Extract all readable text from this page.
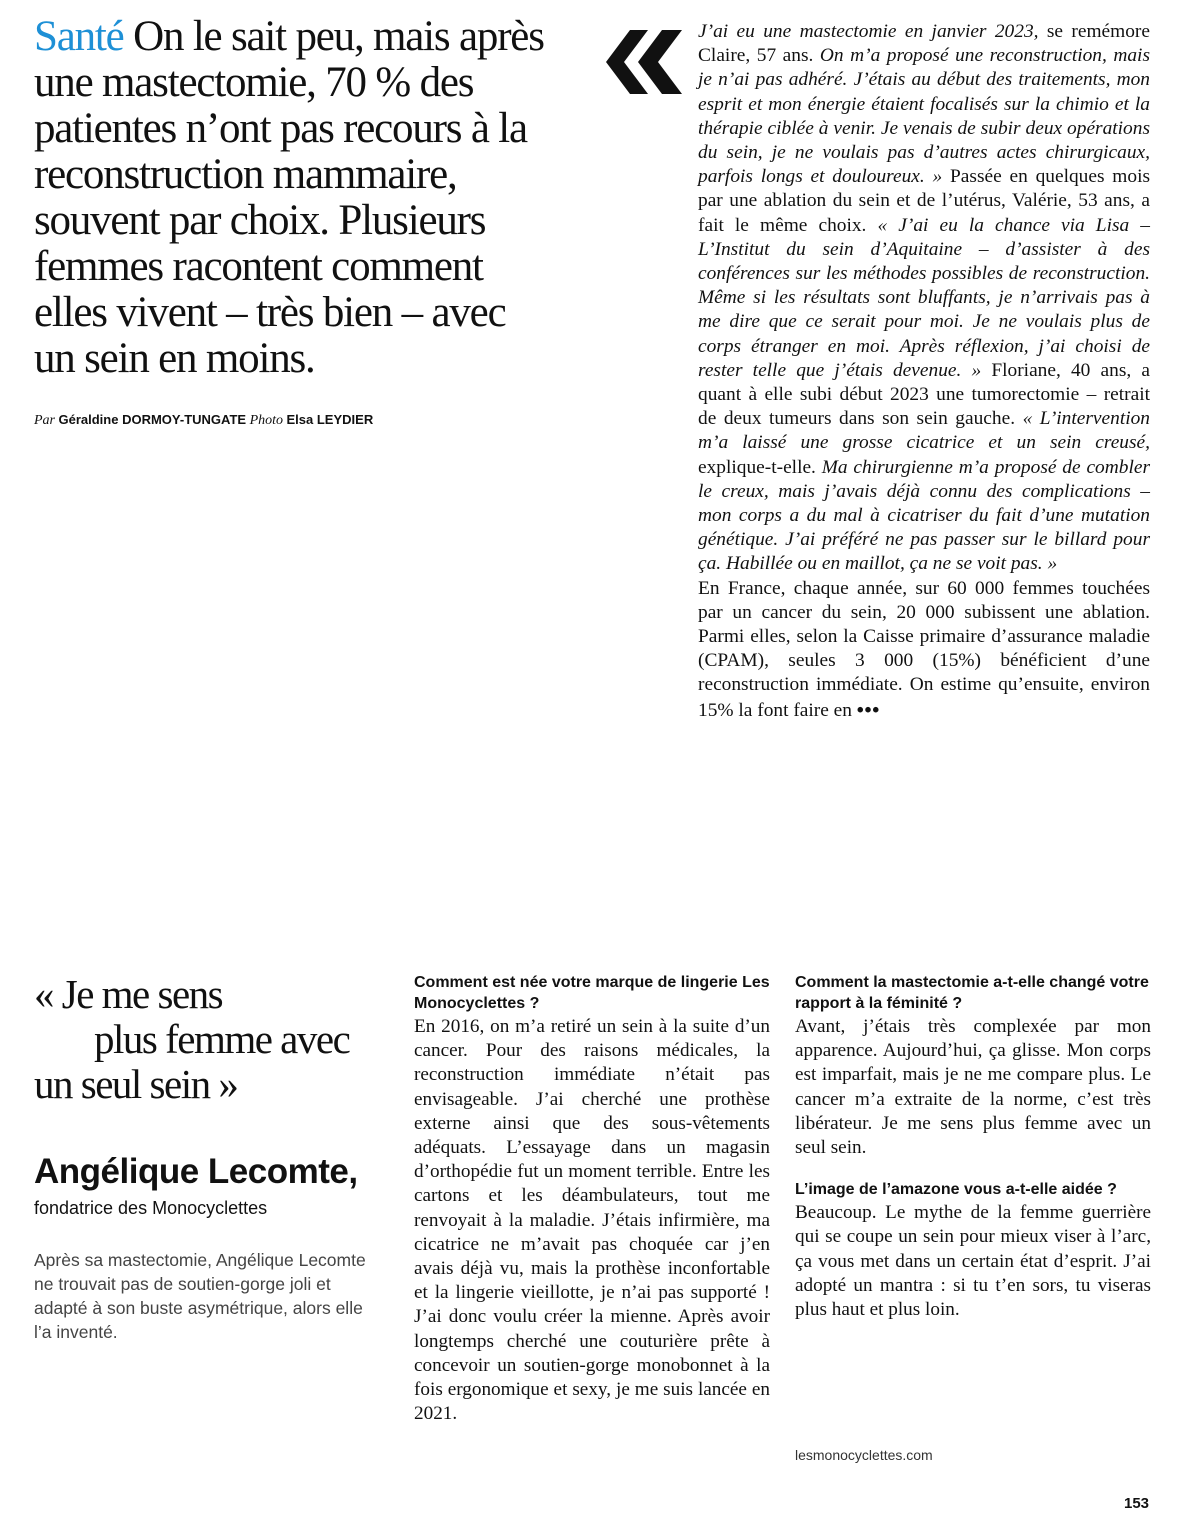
Santé On le sait peu, mais après une mastectomie, 70 % des patientes n’ont pas recours à la reconstruction mammaire, souvent par choix. Plusieurs femmes racontent comment elles vivent – très bien – avec un sein en moins.
Par Géraldine DORMOY-TUNGATE Photo Elsa LEYDIER

J’ai eu une mastectomie en janvier 2023, se remémore Claire, 57 ans. On m’a proposé une reconstruction, mais je n’ai pas adhéré. J’étais au début des traitements, mon esprit et mon énergie étaient focalisés sur la chimio et la thérapie ciblée à venir. Je venais de subir deux opérations du sein, je ne voulais pas d’autres actes chirurgicaux, parfois longs et douloureux. » Passée en quelques mois par une ablation du sein et de l’utérus, Valérie, 53 ans, a fait le même choix. « J’ai eu la chance via Lisa – L’Institut du sein d’Aquitaine – d’assister à des conférences sur les méthodes possibles de reconstruction. Même si les résultats sont bluffants, je n’arrivais pas à me dire que ce serait pour moi. Je ne voulais plus de corps étranger en moi. Après réflexion, j’ai choisi de rester telle que j’étais devenue. » Floriane, 40 ans, a quant à elle subi début 2023 une tumorectomie – retrait de deux tumeurs dans son sein gauche. « L’intervention m’a laissé une grosse cicatrice et un sein creusé, explique-t-elle. Ma chirurgienne m’a proposé de combler le creux, mais j’avais déjà connu des complications – mon corps a du mal à cicatriser du fait d’une mutation génétique. J’ai préféré ne pas passer sur le billard pour ça. Habillée ou en maillot, ça ne se voit pas. »

En France, chaque année, sur 60 000 femmes touchées par un cancer du sein, 20 000 subissent une ablation. Parmi elles, selon la Caisse primaire d’assurance maladie (CPAM), seules 3 000 (15%) bénéficient d’une reconstruction immédiate. On estime qu’ensuite, environ 15% la font faire en •••

« Je me sens
plus femme avec
un seul sein »
Angélique Lecomte,
fondatrice des Monocyclettes
Après sa mastectomie, Angélique Lecomte ne trouvait pas de soutien-gorge joli et adapté à son buste asymétrique, alors elle l’a inventé.

Comment est née votre marque de lingerie Les Monocyclettes ?

En 2016, on m’a retiré un sein à la suite d’un cancer. Pour des raisons médicales, la reconstruction immédiate n’était pas envisageable. J’ai cherché une prothèse externe ainsi que des sous-vêtements adéquats. L’essayage dans un magasin d’orthopédie fut un moment terrible. Entre les cartons et les déambulateurs, tout me renvoyait à la maladie. J’étais infirmière, ma cicatrice ne m’avait pas choquée car j’en avais déjà vu, mais la prothèse inconfortable et la lingerie vieillotte, je n’ai pas supporté ! J’ai donc voulu créer la mienne. Après avoir longtemps cherché une couturière prête à concevoir un soutien-gorge monobonnet à la fois ergonomique et sexy, je me suis lancée en 2021.

Comment la mastectomie a-t-elle changé votre rapport à la féminité ?

Avant, j’étais très complexée par mon apparence. Aujourd’hui, ça glisse. Mon corps est imparfait, mais je ne me compare plus. Le cancer m’a extraite de la norme, c’est très libérateur. Je me sens plus femme avec un seul sein.

L’image de l’amazone vous a-t-elle aidée ?

Beaucoup. Le mythe de la femme guerrière qui se coupe un sein pour mieux viser à l’arc, ça vous met dans un certain état d’esprit. J’ai adopté un mantra : si tu t’en sors, tu viseras plus haut et plus loin.

lesmonocyclettes.com
153
